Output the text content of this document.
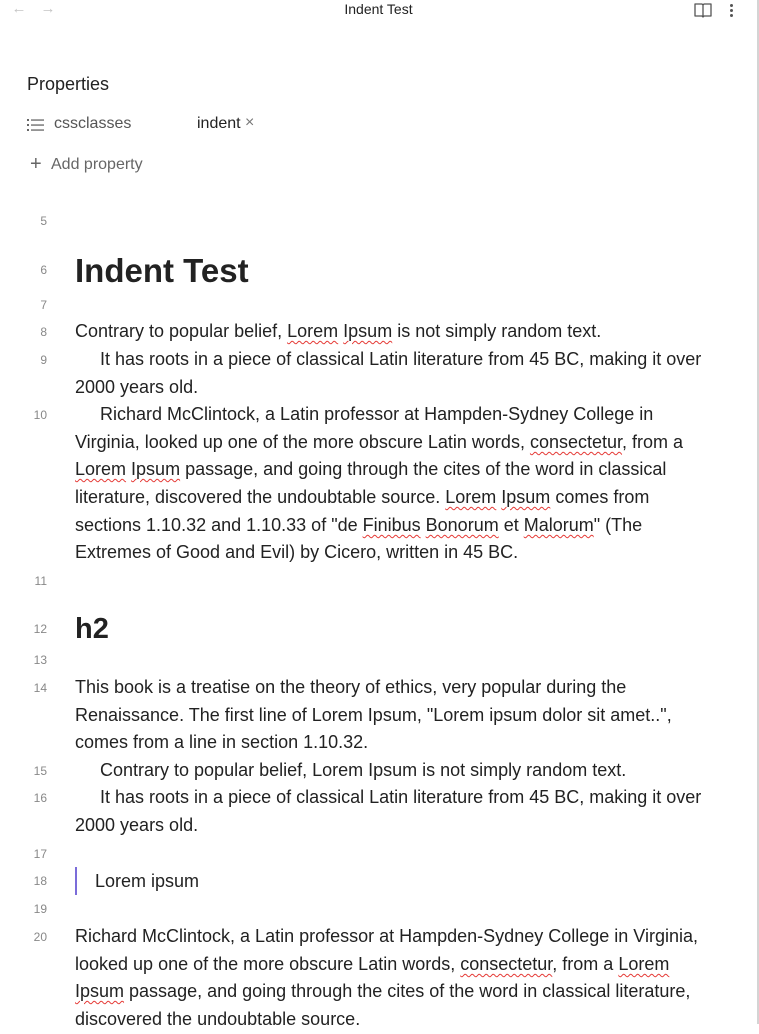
← →	Indent Test
Properties
cssclasses	indent ×
+ Add property
5
6
7
8
9
10
11
12
13
14
15
16
17
18
19
20
Indent Test
Contrary to popular belief, Lorem Ipsum is not simply random text.
It has roots in a piece of classical Latin literature from 45 BC, making it over
2000 years old.
Richard McClintock, a Latin professor at Hampden-Sydney College in
Virginia, looked up one of the more obscure Latin words, consectetur, from a
Lorem Ipsum passage, and going through the cites of the word in classical
literature, discovered the undoubtable source. Lorem Ipsum comes from
sections 1.10.32 and 1.10.33 of "de Finibus Bonorum et Malorum" (The
Extremes of Good and Evil) by Cicero, written in 45 BC.
h2
This book is a treatise on the theory of ethics, very popular during the
Renaissance. The first line of Lorem Ipsum, "Lorem ipsum dolor sit amet..",
comes from a line in section 1.10.32.
Contrary to popular belief, Lorem Ipsum is not simply random text.
It has roots in a piece of classical Latin literature from 45 BC, making it over
2000 years old.
Lorem ipsum
Richard McClintock, a Latin professor at Hampden-Sydney College in Virginia,
looked up one of the more obscure Latin words, consectetur, from a Lorem
Ipsum passage, and going through the cites of the word in classical literature,
discovered the undoubtable source.
